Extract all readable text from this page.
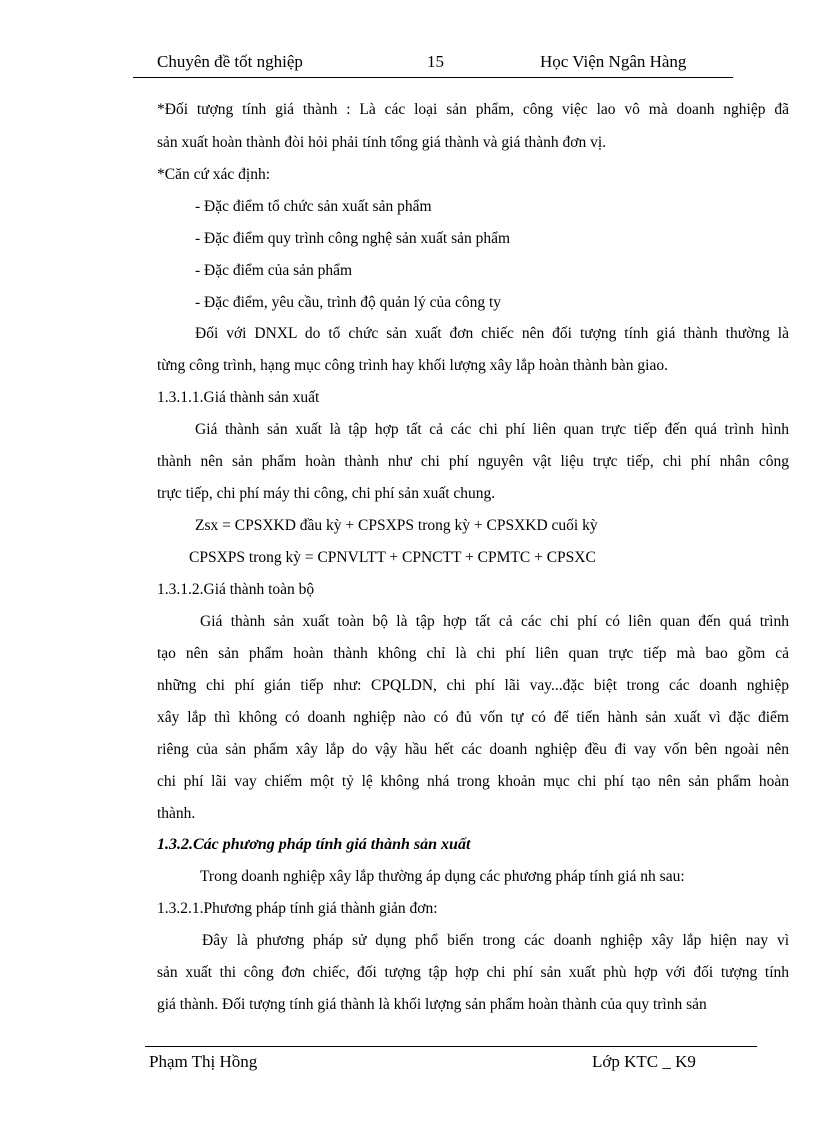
Chuyên đề tốt nghiệp	15	Học Viện Ngân Hàng
*Đối tượng tính giá thành : Là các loại sản phẩm, công việc lao vô mà doanh nghiệp đã
sản xuất hoàn thành đòi hỏi phải tính tổng giá thành và giá thành đơn vị.
*Căn cứ xác định:
- Đặc điểm tổ chức sản xuất sản phẩm
- Đặc điểm quy trình công nghệ sản xuất sản phẩm
- Đặc điểm của sản phẩm
- Đặc điểm, yêu cầu, trình độ quản lý của công ty
Đối với DNXL do tổ chức sản xuất đơn chiếc nên đối tượng tính giá thành thường là
từng công trình, hạng mục công trình hay khối lượng xây lắp hoàn thành bàn giao.
1.3.1.1.Giá thành sản xuất
Giá thành sản xuất là tập hợp tất cả các chi phí liên quan trực tiếp đến quá trình hình
thành nên sản phẩm hoàn thành như chi phí nguyên vật liệu trực tiếp, chi phí nhân công
trực tiếp, chi phí máy thi công, chi phí sản xuất chung.
Zsx = CPSXKD đầu kỳ + CPSXPS trong kỳ + CPSXKD cuối kỳ
CPSXPS trong kỳ = CPNVLTT + CPNCTT + CPMTC + CPSXC
1.3.1.2.Giá thành toàn bộ
Giá thành sản xuất toàn bộ là tập hợp tất cả các chi phí có liên quan đến quá trình
tạo nên sản phẩm hoàn thành không chỉ là chi phí liên quan trực tiếp mà bao gồm cả
những chi phí gián tiếp như: CPQLDN, chi phí lãi vay...đặc biệt trong các doanh nghiệp
xây lắp thì không có doanh nghiệp nào có đủ vốn tự có để tiến hành sản xuất vì đặc điểm
riêng của sản phẩm xây lắp do vậy hầu hết các doanh nghiệp đều đi vay vốn bên ngoài nên
chi phí lãi vay chiếm một tỷ lệ không nhá trong khoản mục chi phí tạo nên sản phẩm hoàn
thành.
1.3.2.Các phương pháp tính giá thành sản xuất
Trong doanh nghiệp xây lắp thường áp dụng các phương pháp tính giá nh sau:
1.3.2.1.Phương pháp tính giá thành giản đơn:
Đây là phương pháp sử dụng phổ biến trong các doanh nghiệp xây lắp hiện nay vì
sản xuất thi công đơn chiếc, đối tượng tập hợp chi phí sản xuất phù hợp với đối tượng tính
giá thành. Đối tượng tính giá thành là khối lượng sản phẩm hoàn thành của quy trình sản
Phạm Thị Hồng	Lớp KTC _ K9
